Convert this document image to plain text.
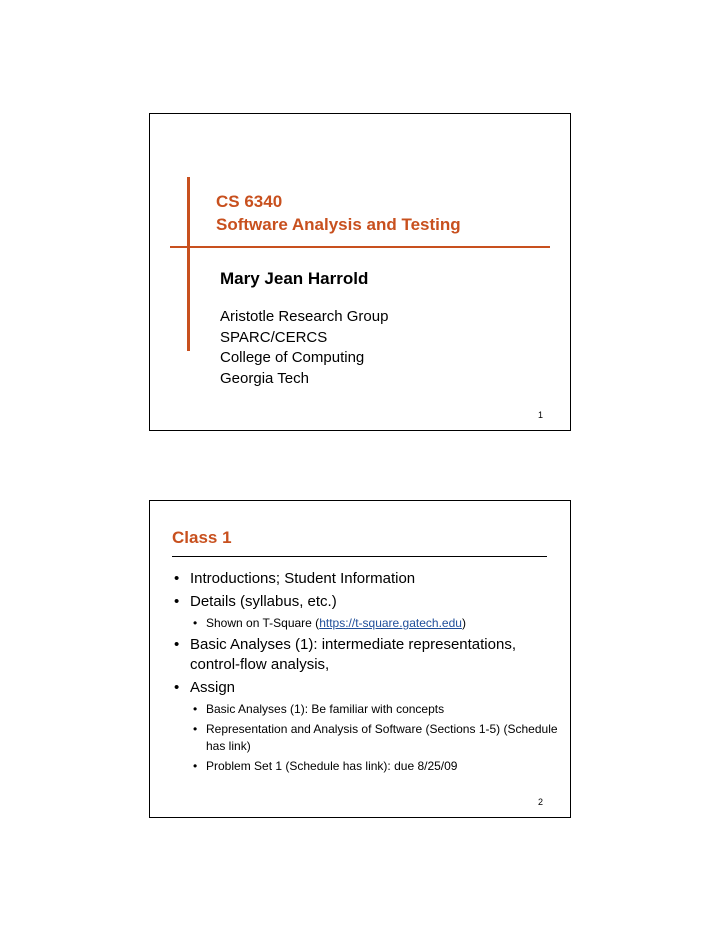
CS 6340
Software Analysis and Testing
Mary Jean Harrold
Aristotle Research Group
SPARC/CERCS
College of Computing
Georgia Tech
1
Class 1
• Introductions; Student Information
• Details (syllabus, etc.)
• Shown on T-Square (https://t-square.gatech.edu)
• Basic Analyses (1): intermediate representations, control-flow analysis,
• Assign
• Basic Analyses (1): Be familiar with concepts
• Representation and Analysis of Software (Sections 1-5) (Schedule has link)
• Problem Set 1 (Schedule has link): due 8/25/09
2
